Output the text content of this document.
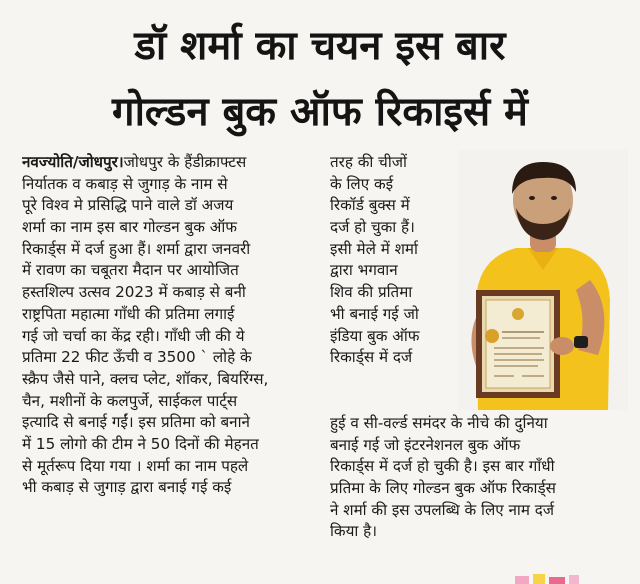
डॉ शर्मा का चयन इस बार
गोल्डन बुक ऑफ रिकाइर्स में
नवज्योति/जोधपुर।जोधपुर के हैंडीक्राफ्टस
निर्यातक व कबाड़ से जुगाड़ के नाम से
पूरे विश्व मे प्रसिद्धि पाने वाले डॉ अजय
शर्मा का नाम इस बार गोल्डन बुक ऑफ
रिकार्ड्स में दर्ज हुआ हैं। शर्मा द्वारा जनवरी
में रावण का चबूतरा मैदान पर आयोजित
हस्तशिल्प उत्सव 2023 में कबाड़ से बनी
राष्ट्रपिता महात्मा गाँधी की प्रतिमा लगाई
गई जो चर्चा का केंद्र रही। गाँधी जी की ये
प्रतिमा 22 फीट ऊँची व 3500 ` लोहे के
स्क्रैप जैसे पाने, क्लच प्लेट, शॉकर, बियरिंग्स,
चैन, मशीनों के कलपुर्जे, साईकल पार्ट्स
इत्यादि से बनाई गईं। इस प्रतिमा को बनाने
में 15 लोगो की टीम ने 50 दिनों की मेहनत
से मूर्तरूप दिया गया । शर्मा का नाम पहले
भी कबाड़ से जुगाड़ द्वारा बनाई गई कई
तरह की चीजों
के लिए कई
रिकॉर्ड बुक्स में
दर्ज हो चुका हैं।
इसी मेले में शर्मा
द्वारा भगवान
शिव की प्रतिमा
भी बनाई गई जो
इंडिया बुक ऑफ
रिकार्ड्स में दर्ज
हुई व सी-वर्ल्ड समंदर के नीचे की दुनिया
बनाई गई जो इंटरनेशनल बुक ऑफ
रिकार्ड्स में दर्ज हो चुकी है। इस बार गाँधी
प्रतिमा के लिए गोल्डन बुक ऑफ रिकार्ड्स
ने शर्मा की इस उपलब्धि के लिए नाम दर्ज
किया है।
